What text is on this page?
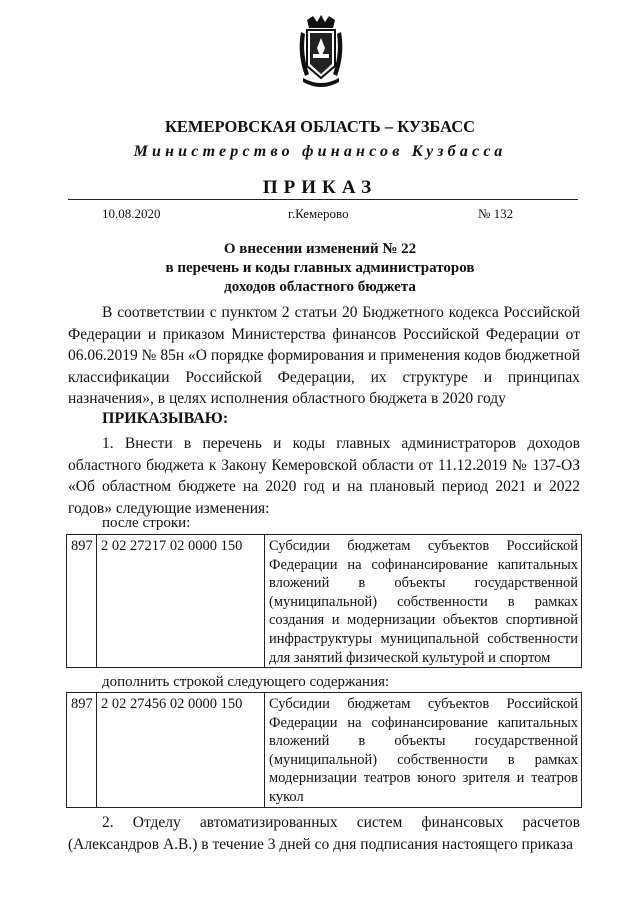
КЕМЕРОВСКАЯ ОБЛАСТЬ – КУЗБАСС
Министерство финансов Кузбасса
ПРИКАЗ
10.08.2020	г.Кемерово	№ 132
О внесении изменений № 22
в перечень и коды главных администраторов
доходов областного бюджета
В соответствии с пунктом 2 статьи 20 Бюджетного кодекса Российской Федерации и приказом Министерства финансов Российской Федерации от 06.06.2019 № 85н «О порядке формирования и применения кодов бюджетной классификации Российской Федерации, их структуре и принципах назначения», в целях исполнения областного бюджета в 2020 году
ПРИКАЗЫВАЮ:
1. Внести в перечень и коды главных администраторов доходов областного бюджета к Закону Кемеровской области от 11.12.2019 № 137-ОЗ «Об областном бюджете на 2020 год и на плановый период 2021 и 2022 годов» следующие изменения:
после строки:
897	2 02 27217 02 0000 150	Субсидии бюджетам субъектов Российской Федерации на софинансирование капитальных вложений в объекты государственной (муниципальной) собственности в рамках создания и модернизации объектов спортивной инфраструктуры муниципальной собственности для занятий физической культурой и спортом
дополнить строкой следующего содержания:
897	2 02 27456 02 0000 150	Субсидии бюджетам субъектов Российской Федерации на софинансирование капитальных вложений в объекты государственной (муниципальной) собственности в рамках модернизации театров юного зрителя и театров кукол
2. Отделу автоматизированных систем финансовых расчетов (Александров А.В.) в течение 3 дней со дня подписания настоящего приказа
